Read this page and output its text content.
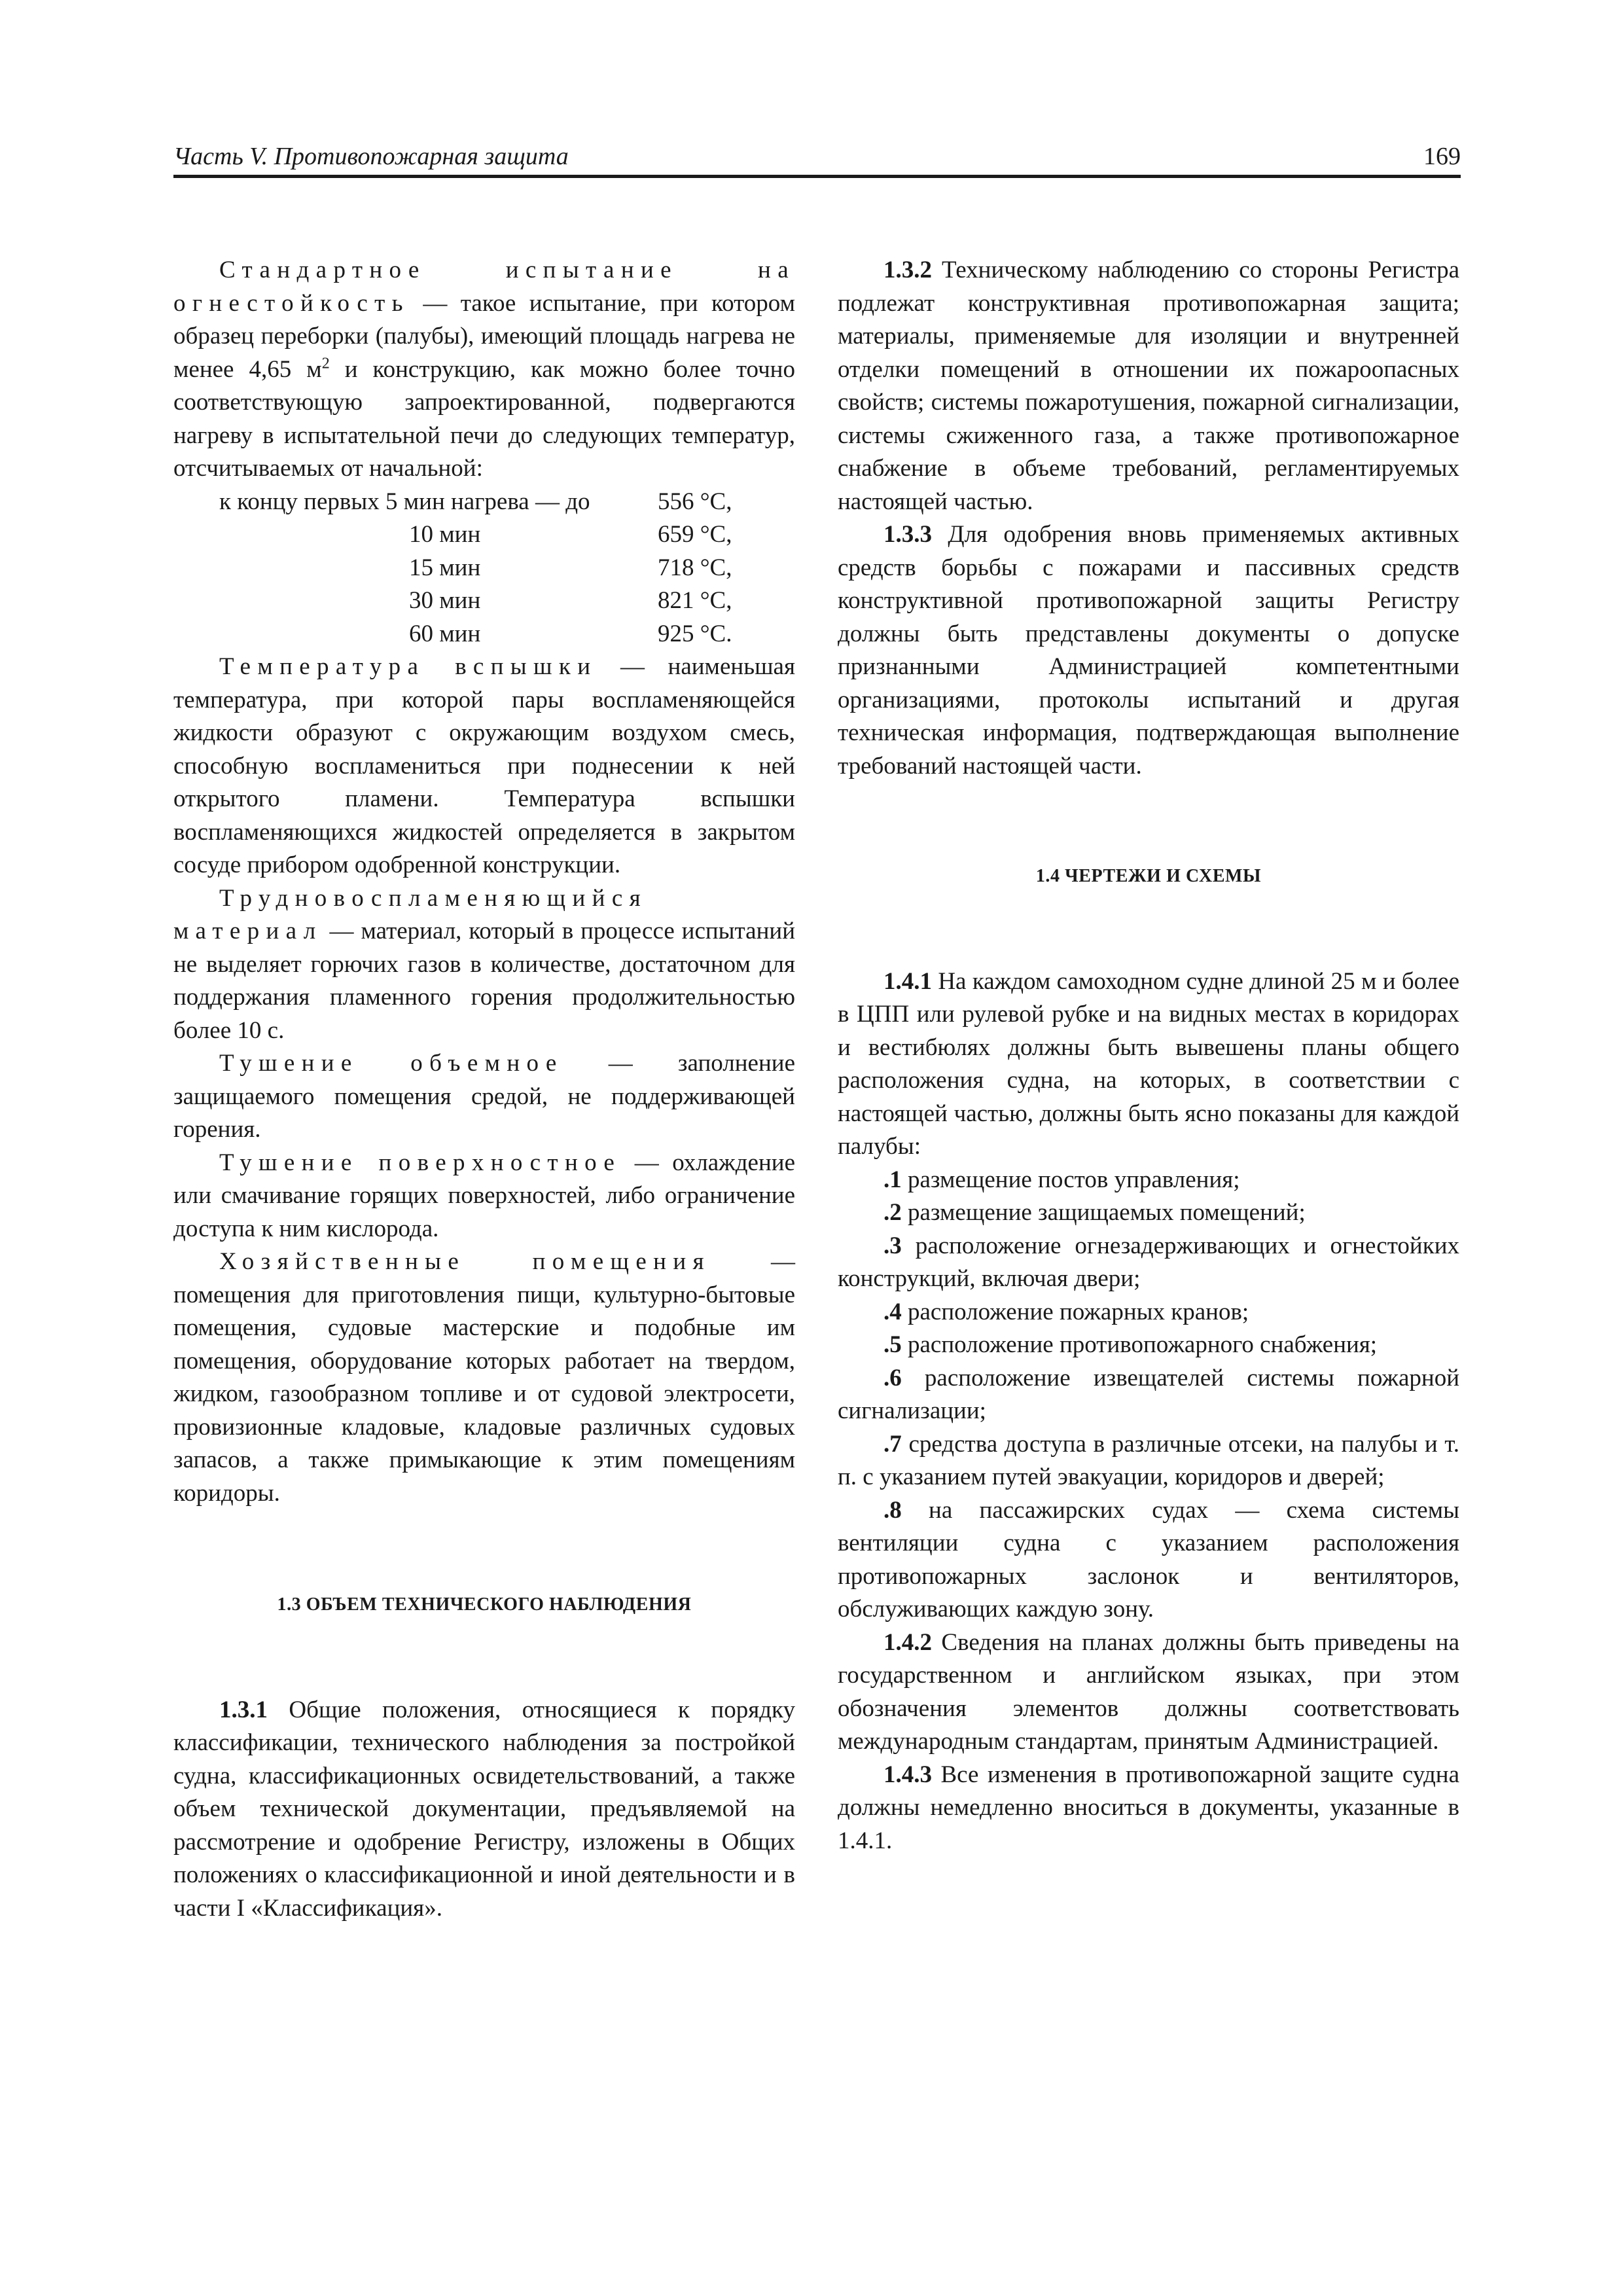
Часть V. Противопожарная защита	169

Стандартное испытание на огнестойкость — такое испытание, при котором образец переборки (палубы), имеющий площадь нагрева не менее 4,65 $м^2$ и конструкцию, как можно более точно соответствующую запроектированной, подвергаются нагреву в испытательной печи до следующих температур, отсчитываемых от начальной:

к концу первых 5 мин нагрева — до	556 °С,
10 мин	659 °С,
15 мин	718 °С,
30 мин	821 °С,
60 мин	925 °С.

Температура вспышки — наименьшая температура, при которой пары воспламеняющейся жидкости образуют с окружающим воздухом смесь, способную воспламениться при поднесении к ней открытого пламени. Температура вспышки воспламеняющихся жидкостей определяется в закрытом сосуде прибором одобренной конструкции.

Трудновоспламеняющийся материал — материал, который в процессе испытаний не выделяет горючих газов в количестве, достаточном для поддержания пламенного горения продолжительностью более 10 с.

Тушение объемное — заполнение защищаемого помещения средой, не поддерживающей горения.

Тушение поверхностное — охлаждение или смачивание горящих поверхностей, либо ограничение доступа к ним кислорода.

Хозяйственные помещения — помещения для приготовления пищи, культурно-бытовые помещения, судовые мастерские и подобные им помещения, оборудование которых работает на твердом, жидком, газообразном топливе и от судовой электросети, провизионные кладовые, кладовые различных судовых запасов, а также примыкающие к этим помещениям коридоры.

1.3 ОБЪЕМ ТЕХНИЧЕСКОГО НАБЛЮДЕНИЯ

1.3.1 Общие положения, относящиеся к порядку классификации, технического наблюдения за постройкой судна, классификационных освидетельствований, а также объем технической документации, предъявляемой на рассмотрение и одобрение Регистру, изложены в Общих положениях о классификационной и иной деятельности и в части I «Классификация».

1.3.2 Техническому наблюдению со стороны Регистра подлежат конструктивная противопожарная защита; материалы, применяемые для изоляции и внутренней отделки помещений в отношении их пожароопасных свойств; системы пожаротушения, пожарной сигнализации, системы сжиженного газа, а также противопожарное снабжение в объеме требований, регламентируемых настоящей частью.

1.3.3 Для одобрения вновь применяемых активных средств борьбы с пожарами и пассивных средств конструктивной противопожарной защиты Регистру должны быть представлены документы о допуске признанными Администрацией компетентными организациями, протоколы испытаний и другая техническая информация, подтверждающая выполнение требований настоящей части.

1.4 ЧЕРТЕЖИ И СХЕМЫ

1.4.1 На каждом самоходном судне длиной 25 м и более в ЦПП или рулевой рубке и на видных местах в коридорах и вестибюлях должны быть вывешены планы общего расположения судна, на которых, в соответствии с настоящей частью, должны быть ясно показаны для каждой палубы:

.1 размещение постов управления;

.2 размещение защищаемых помещений;

.3 расположение огнезадерживающих и огнестойких конструкций, включая двери;

.4 расположение пожарных кранов;

.5 расположение противопожарного снабжения;

.6 расположение извещателей системы пожарной сигнализации;

.7 средства доступа в различные отсеки, на палубы и т. п. с указанием путей эвакуации, коридоров и дверей;

.8 на пассажирских судах — схема системы вентиляции судна с указанием расположения противопожарных заслонок и вентиляторов, обслуживающих каждую зону.

1.4.2 Сведения на планах должны быть приведены на государственном и английском языках, при этом обозначения элементов должны соответствовать международным стандартам, принятым Администрацией.

1.4.3 Все изменения в противопожарной защите судна должны немедленно вноситься в документы, указанные в 1.4.1.
